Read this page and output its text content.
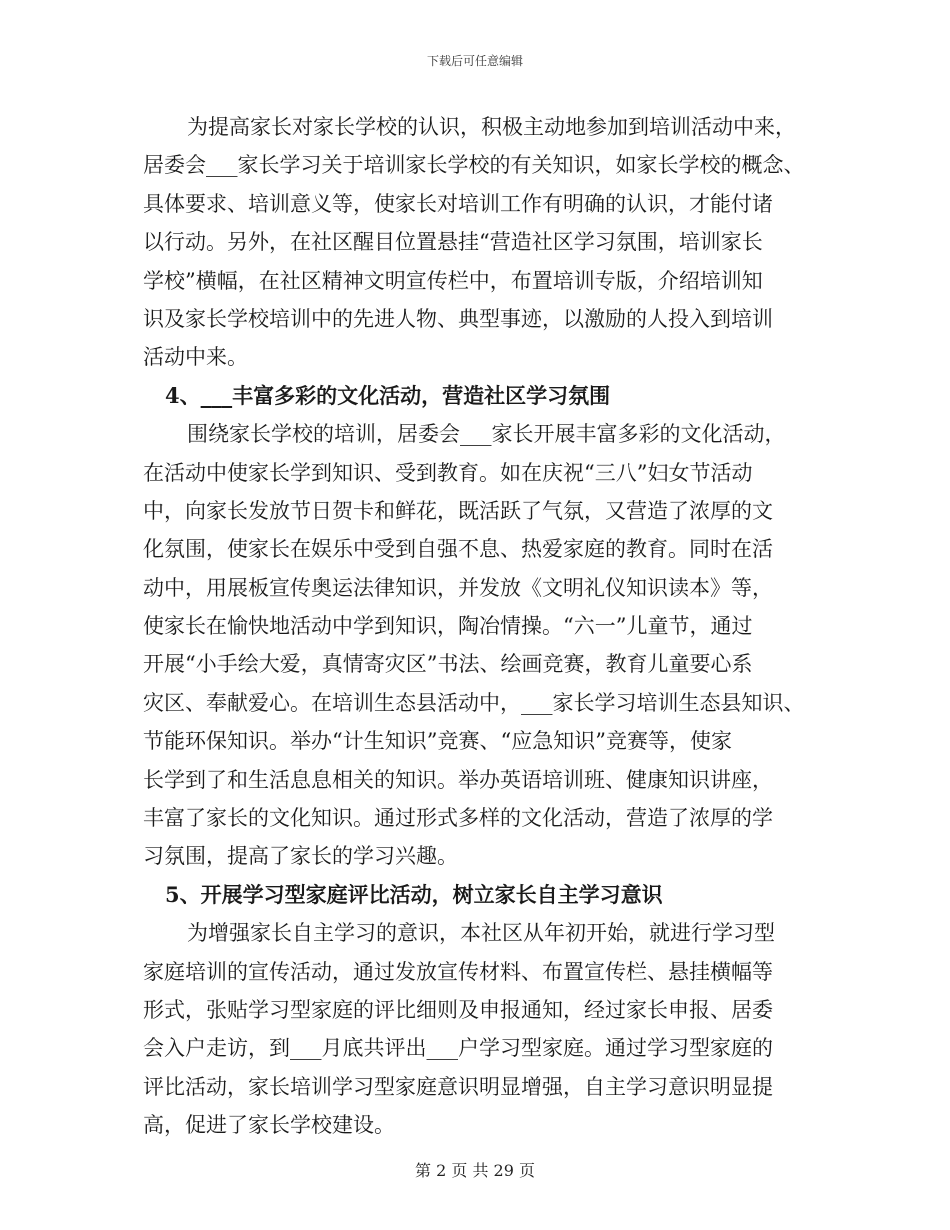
下载后可任意编辑
为提高家长对家长学校的认识，积极主动地参加到培训活动中来，
居委会___家长学习关于培训家长学校的有关知识，如家长学校的概念、
具体要求、培训意义等，使家长对培训工作有明确的认识，才能付诸
以行动。另外，在社区醒目位置悬挂“营造社区学习氛围，培训家长
学校”横幅，在社区精神文明宣传栏中，布置培训专版，介绍培训知
识及家长学校培训中的先进人物、典型事迹，以激励的人投入到培训
活动中来。
4、___丰富多彩的文化活动，营造社区学习氛围
围绕家长学校的培训，居委会___家长开展丰富多彩的文化活动，
在活动中使家长学到知识、受到教育。如在庆祝“三八”妇女节活动
中，向家长发放节日贺卡和鲜花，既活跃了气氛，又营造了浓厚的文
化氛围，使家长在娱乐中受到自强不息、热爱家庭的教育。同时在活
动中，用展板宣传奥运法律知识，并发放《文明礼仪知识读本》等，
使家长在愉快地活动中学到知识，陶冶情操。“六一”儿童节，通过
开展“小手绘大爱，真情寄灾区”书法、绘画竞赛，教育儿童要心系
灾区、奉献爱心。在培训生态县活动中，___家长学习培训生态县知识、
节能环保知识。举办“计生知识”竞赛、“应急知识”竞赛等，使家
长学到了和生活息息相关的知识。举办英语培训班、健康知识讲座，
丰富了家长的文化知识。通过形式多样的文化活动，营造了浓厚的学
习氛围，提高了家长的学习兴趣。
5、开展学习型家庭评比活动，树立家长自主学习意识
为增强家长自主学习的意识，本社区从年初开始，就进行学习型
家庭培训的宣传活动，通过发放宣传材料、布置宣传栏、悬挂横幅等
形式，张贴学习型家庭的评比细则及申报通知，经过家长申报、居委
会入户走访，到___月底共评出___户学习型家庭。通过学习型家庭的
评比活动，家长培训学习型家庭意识明显增强，自主学习意识明显提
高，促进了家长学校建设。
第 2 页 共 29 页
